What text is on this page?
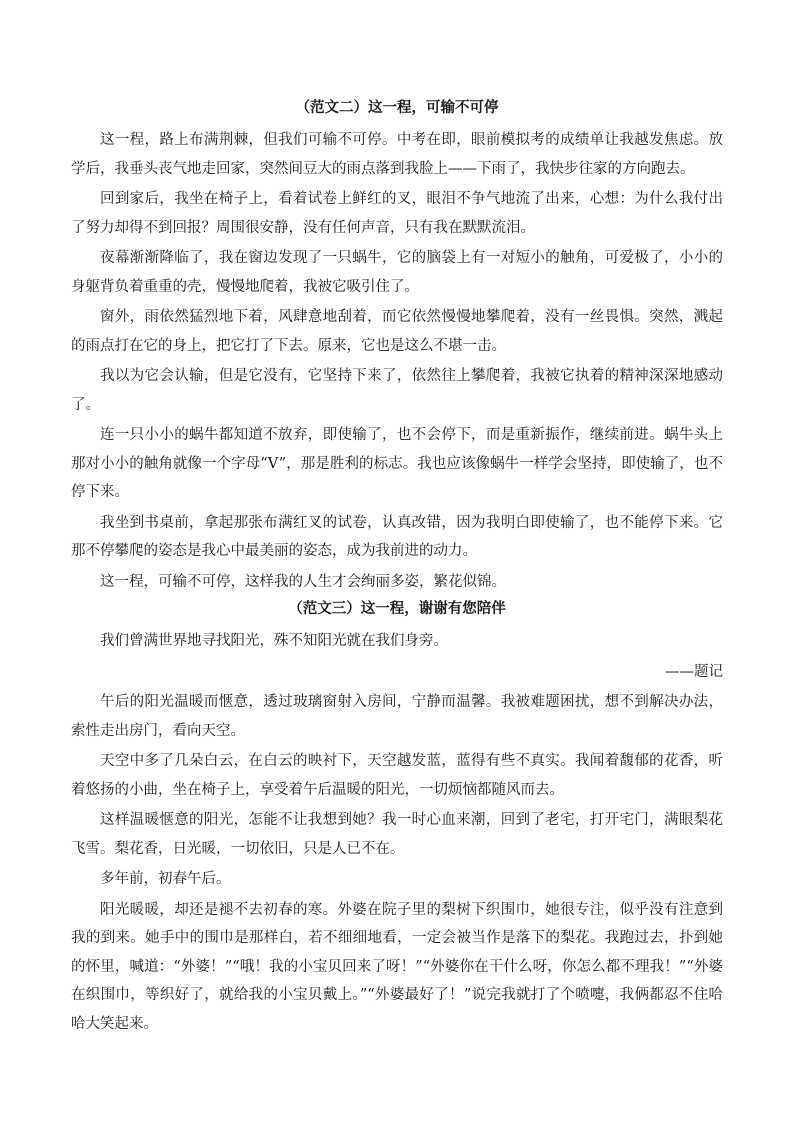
（范文二）这一程，可输不可停

这一程，路上布满荆棘，但我们可输不可停。中考在即，眼前模拟考的成绩单让我越发焦虑。放学后，我垂头丧气地走回家，突然间豆大的雨点落到我脸上——下雨了，我快步往家的方向跑去。

回到家后，我坐在椅子上，看着试卷上鲜红的叉，眼泪不争气地流了出来，心想：为什么我付出了努力却得不到回报？周围很安静，没有任何声音，只有我在默默流泪。

夜幕渐渐降临了，我在窗边发现了一只蜗牛，它的脑袋上有一对短小的触角，可爱极了，小小的身躯背负着重重的壳，慢慢地爬着，我被它吸引住了。

窗外，雨依然猛烈地下着，风肆意地刮着，而它依然慢慢地攀爬着，没有一丝畏惧。突然，溅起的雨点打在它的身上，把它打了下去。原来，它也是这么不堪一击。

我以为它会认输，但是它没有，它坚持下来了，依然往上攀爬着，我被它执着的精神深深地感动了。

连一只小小的蜗牛都知道不放弃，即使输了，也不会停下，而是重新振作，继续前进。蜗牛头上那对小小的触角就像一个字母“V”，那是胜利的标志。我也应该像蜗牛一样学会坚持，即使输了，也不停下来。

我坐到书桌前，拿起那张布满红叉的试卷，认真改错，因为我明白即使输了，也不能停下来。它那不停攀爬的姿态是我心中最美丽的姿态，成为我前进的动力。

这一程，可输不可停，这样我的人生才会绚丽多姿，繁花似锦。

（范文三）这一程，谢谢有您陪伴

我们曾满世界地寻找阳光，殊不知阳光就在我们身旁。

——题记

午后的阳光温暖而惬意，透过玻璃窗射入房间，宁静而温馨。我被难题困扰，想不到解决办法，索性走出房门，看向天空。

天空中多了几朵白云，在白云的映衬下，天空越发蓝，蓝得有些不真实。我闻着馥郁的花香，听着悠扬的小曲，坐在椅子上，享受着午后温暖的阳光，一切烦恼都随风而去。

这样温暖惬意的阳光，怎能不让我想到她？我一时心血来潮，回到了老宅，打开宅门，满眼梨花飞雪。梨花香，日光暖，一切依旧，只是人已不在。

多年前，初春午后。

阳光暖暖，却还是褪不去初春的寒。外婆在院子里的梨树下织围巾，她很专注，似乎没有注意到我的到来。她手中的围巾是那样白，若不细细地看，一定会被当作是落下的梨花。我跑过去，扑到她的怀里，喊道：“外婆！”“哦！我的小宝贝回来了呀！”“外婆你在干什么呀，你怎么都不理我！”“外婆在织围巾，等织好了，就给我的小宝贝戴上。”“外婆最好了！”说完我就打了个喷嚏，我俩都忍不住哈哈大笑起来。
